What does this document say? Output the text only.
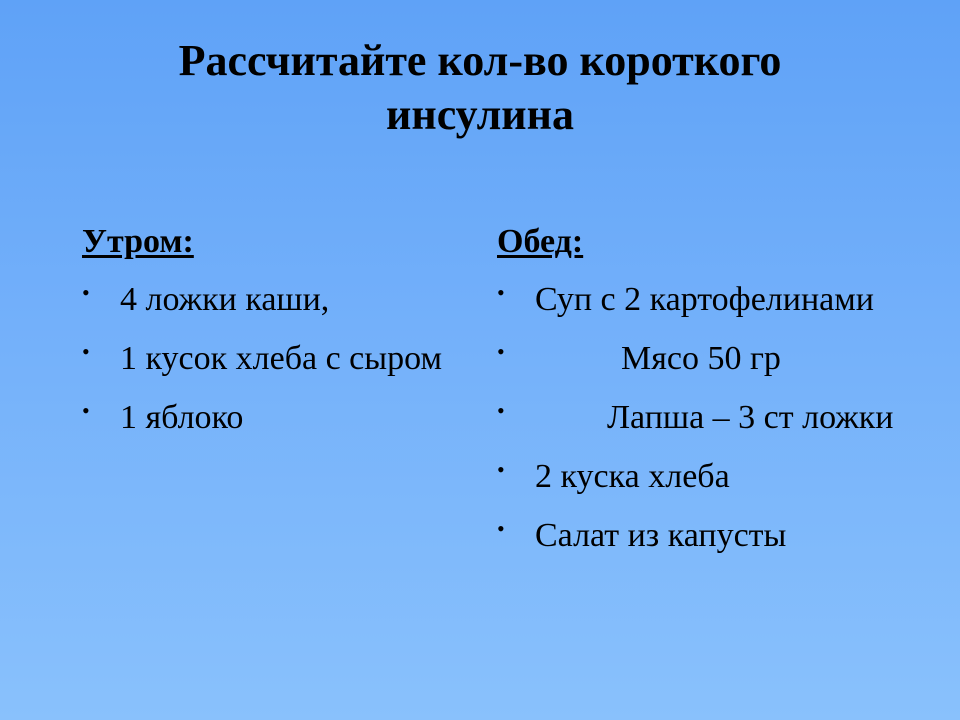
Рассчитайте кол-во короткого
инсулина
Утром:
• 4 ложки каши,
• 1 кусок хлеба с сыром
• 1 яблоко
Обед:
• Суп с 2 картофелинами
•	Мясо 50 гр
•	Лапша – 3 ст ложки
• 2 куска хлеба
• Салат из капусты
